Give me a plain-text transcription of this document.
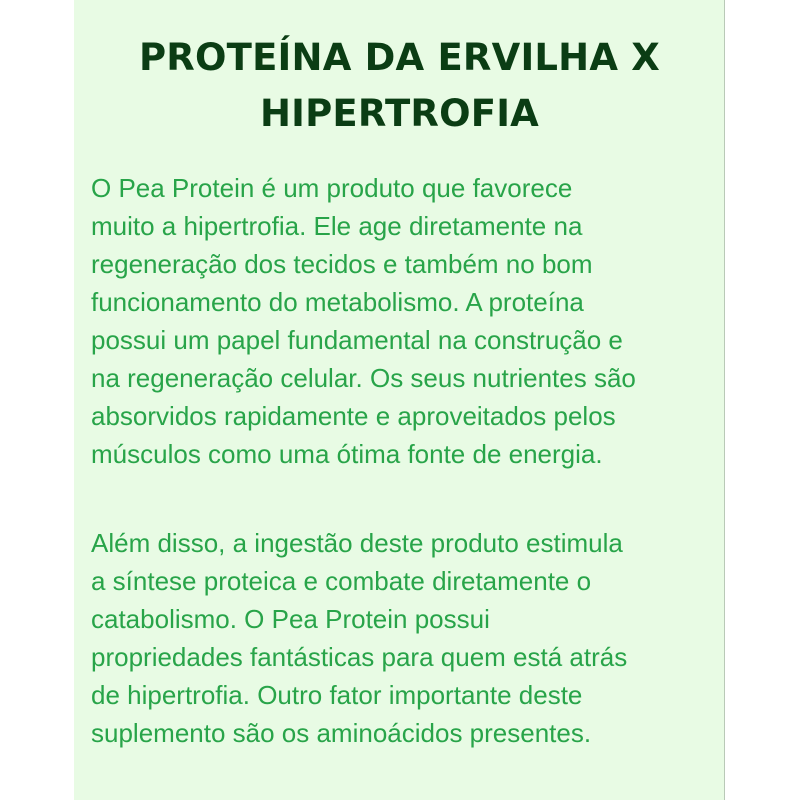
PROTEÍNA DA ERVILHA X
HIPERTROFIA

O Pea Protein é um produto que favorece
muito a hipertrofia. Ele age diretamente na
regeneração dos tecidos e também no bom
funcionamento do metabolismo. A proteína
possui um papel fundamental na construção e
na regeneração celular. Os seus nutrientes são
absorvidos rapidamente e aproveitados pelos
músculos como uma ótima fonte de energia.

Além disso, a ingestão deste produto estimula
a síntese proteica e combate diretamente o
catabolismo. O Pea Protein possui
propriedades fantásticas para quem está atrás
de hipertrofia. Outro fator importante deste
suplemento são os aminoácidos presentes.
